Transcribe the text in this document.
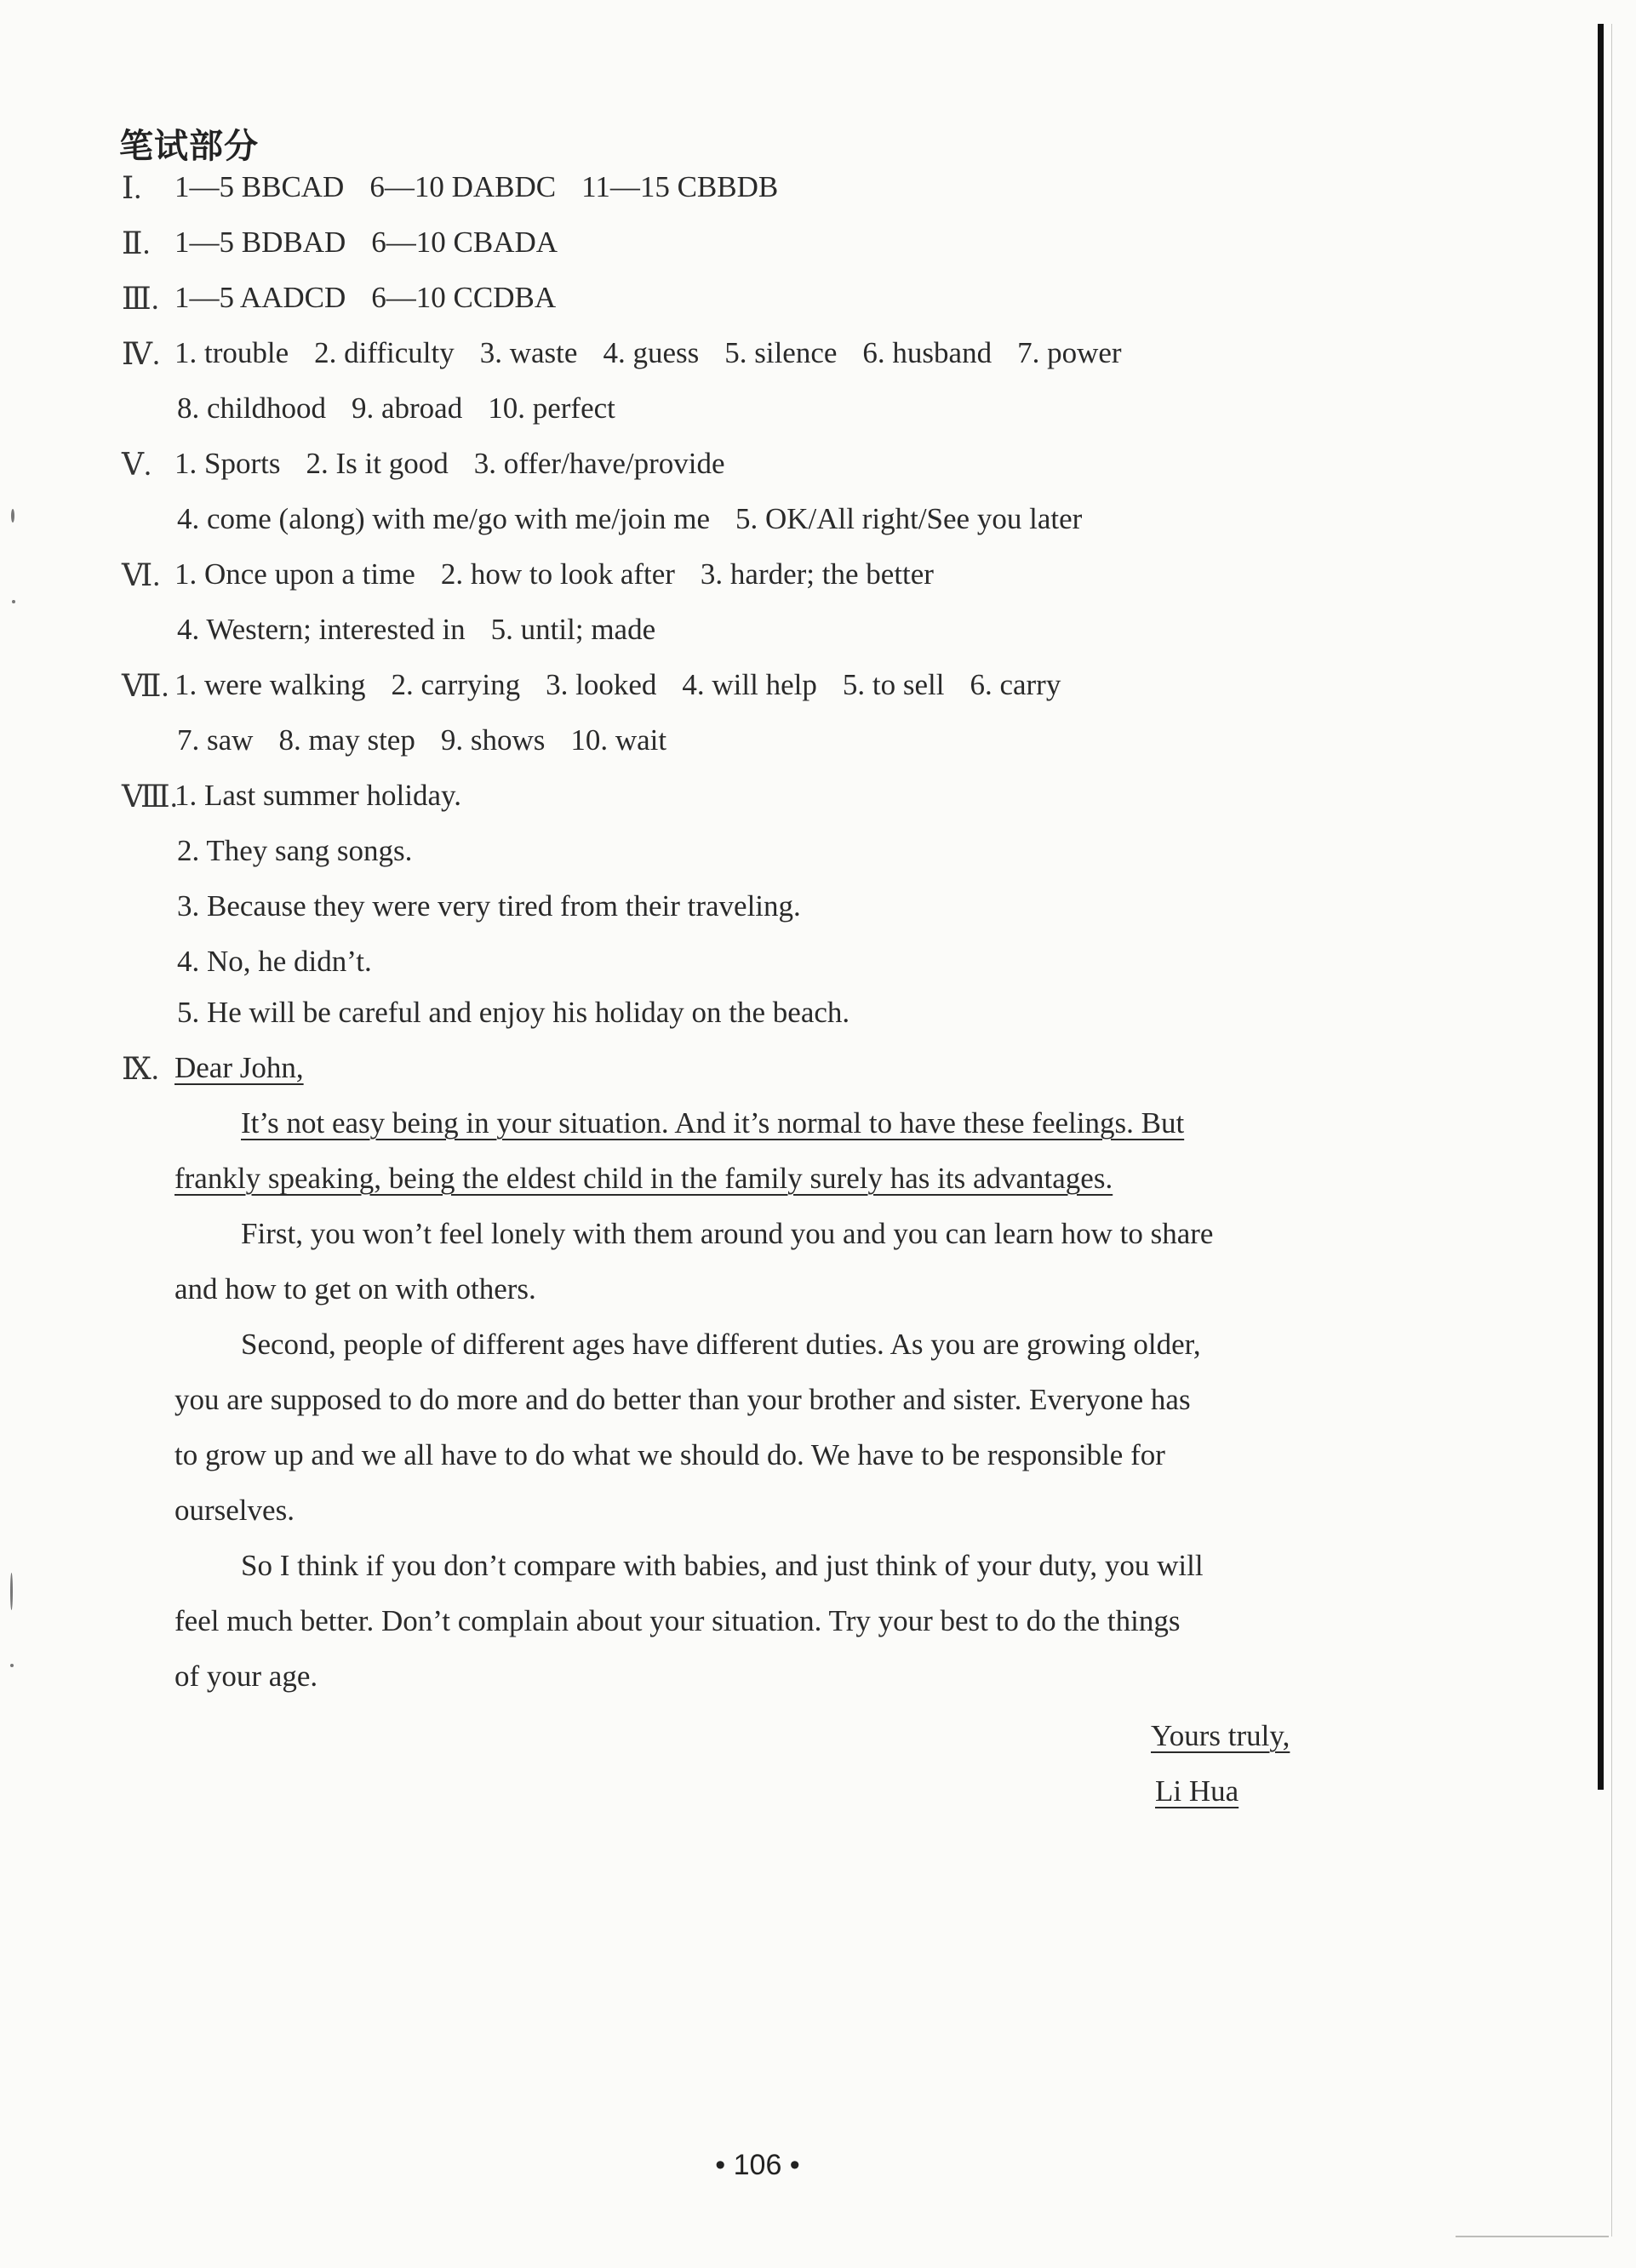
笔试部分
Ⅰ. 1—5 BBCAD 6—10 DABDC 11—15 CBBDB
Ⅱ. 1—5 BDBAD 6—10 CBADA
Ⅲ. 1—5 AADCD 6—10 CCDBA
Ⅳ. 1. trouble 2. difficulty 3. waste 4. guess 5. silence 6. husband 7. power
8. childhood 9. abroad 10. perfect
Ⅴ. 1. Sports 2. Is it good 3. offer/have/provide
4. come (along) with me/go with me/join me 5. OK/All right/See you later
Ⅵ. 1. Once upon a time 2. how to look after 3. harder; the better
4. Western; interested in 5. until; made
Ⅶ. 1. were walking 2. carrying 3. looked 4. will help 5. to sell 6. carry
7. saw 8. may step 9. shows 10. wait
Ⅷ.
1. Last summer holiday.
2. They sang songs.
3. Because they were very tired from their traveling.
4. No, he didn’t.
5. He will be careful and enjoy his holiday on the beach.
Ⅸ. Dear John,
It’s not easy being in your situation. And it’s normal to have these feelings. But
frankly speaking, being the eldest child in the family surely has its advantages.
First, you won’t feel lonely with them around you and you can learn how to share
and how to get on with others.
Second, people of different ages have different duties. As you are growing older,
you are supposed to do more and do better than your brother and sister. Everyone has
to grow up and we all have to do what we should do. We have to be responsible for
ourselves.
So I think if you don’t compare with babies, and just think of your duty, you will
feel much better. Don’t complain about your situation. Try your best to do the things
of your age.
Yours truly,
Li Hua
• 106 •
